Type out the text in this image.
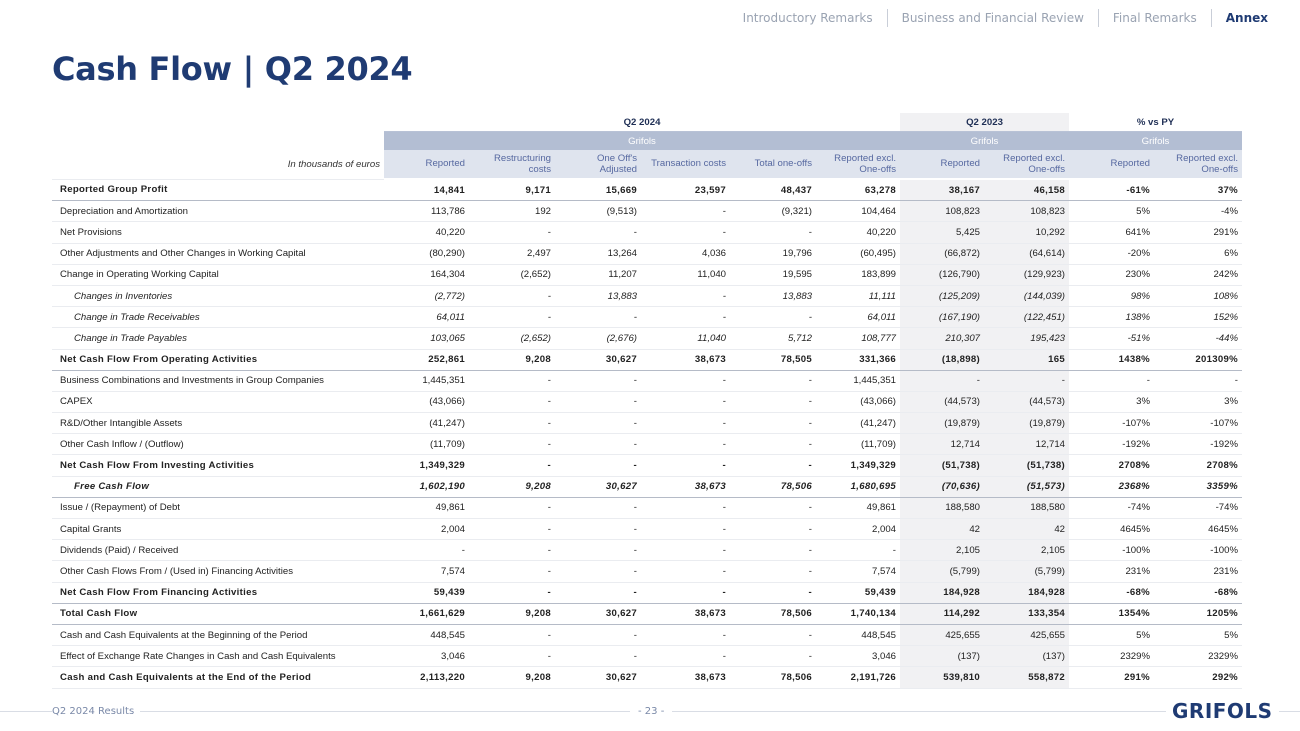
Introductory Remarks	Business and Financial Review	Final Remarks	Annex
Cash Flow | Q2 2024
	Q2 2024						Q2 2023		% vs PY	
	Grifols						Grifols		Grifols	
In thousands of euros	Reported	Restructuring costs	One Off's Adjusted	Transaction costs	Total one-offs	Reported excl. One-offs	Reported	Reported excl. One-offs	Reported	Reported excl. One-offs
Reported Group Profit	14,841	9,171	15,669	23,597	48,437	63,278	38,167	46,158	-61%	37%
Depreciation and Amortization	113,786	192	(9,513)	-	(9,321)	104,464	108,823	108,823	5%	-4%
Net Provisions	40,220	-	-	-	-	40,220	5,425	10,292	641%	291%
Other Adjustments and Other Changes in Working Capital	(80,290)	2,497	13,264	4,036	19,796	(60,495)	(66,872)	(64,614)	-20%	6%
Change in Operating Working Capital	164,304	(2,652)	11,207	11,040	19,595	183,899	(126,790)	(129,923)	230%	242%
Changes in Inventories	(2,772)	-	13,883	-	13,883	11,111	(125,209)	(144,039)	98%	108%
Change in Trade Receivables	64,011	-	-	-	-	64,011	(167,190)	(122,451)	138%	152%
Change in Trade Payables	103,065	(2,652)	(2,676)	11,040	5,712	108,777	210,307	195,423	-51%	-44%
Net Cash Flow From Operating Activities	252,861	9,208	30,627	38,673	78,505	331,366	(18,898)	165	1438%	201309%
Business Combinations and Investments in Group Companies	1,445,351	-	-	-	-	1,445,351	-	-	-	-
CAPEX	(43,066)	-	-	-	-	(43,066)	(44,573)	(44,573)	3%	3%
R&D/Other Intangible Assets	(41,247)	-	-	-	-	(41,247)	(19,879)	(19,879)	-107%	-107%
Other Cash Inflow / (Outflow)	(11,709)	-	-	-	-	(11,709)	12,714	12,714	-192%	-192%
Net Cash Flow From Investing Activities	1,349,329	-	-	-	-	1,349,329	(51,738)	(51,738)	2708%	2708%
Free Cash Flow	1,602,190	9,208	30,627	38,673	78,506	1,680,695	(70,636)	(51,573)	2368%	3359%
Issue / (Repayment) of Debt	49,861	-	-	-	-	49,861	188,580	188,580	-74%	-74%
Capital Grants	2,004	-	-	-	-	2,004	42	42	4645%	4645%
Dividends (Paid) / Received	-	-	-	-	-	-	2,105	2,105	-100%	-100%
Other Cash Flows From / (Used in) Financing Activities	7,574	-	-	-	-	7,574	(5,799)	(5,799)	231%	231%
Net Cash Flow From Financing Activities	59,439	-	-	-	-	59,439	184,928	184,928	-68%	-68%
Total Cash Flow	1,661,629	9,208	30,627	38,673	78,506	1,740,134	114,292	133,354	1354%	1205%
Cash and Cash Equivalents at the Beginning of the Period	448,545	-	-	-	-	448,545	425,655	425,655	5%	5%
Effect of Exchange Rate Changes in Cash and Cash Equivalents	3,046	-	-	-	-	3,046	(137)	(137)	2329%	2329%
Cash and Cash Equivalents at the End of the Period	2,113,220	9,208	30,627	38,673	78,506	2,191,726	539,810	558,872	291%	292%
Q2 2024 Results	- 23 -	GRIFOLS
